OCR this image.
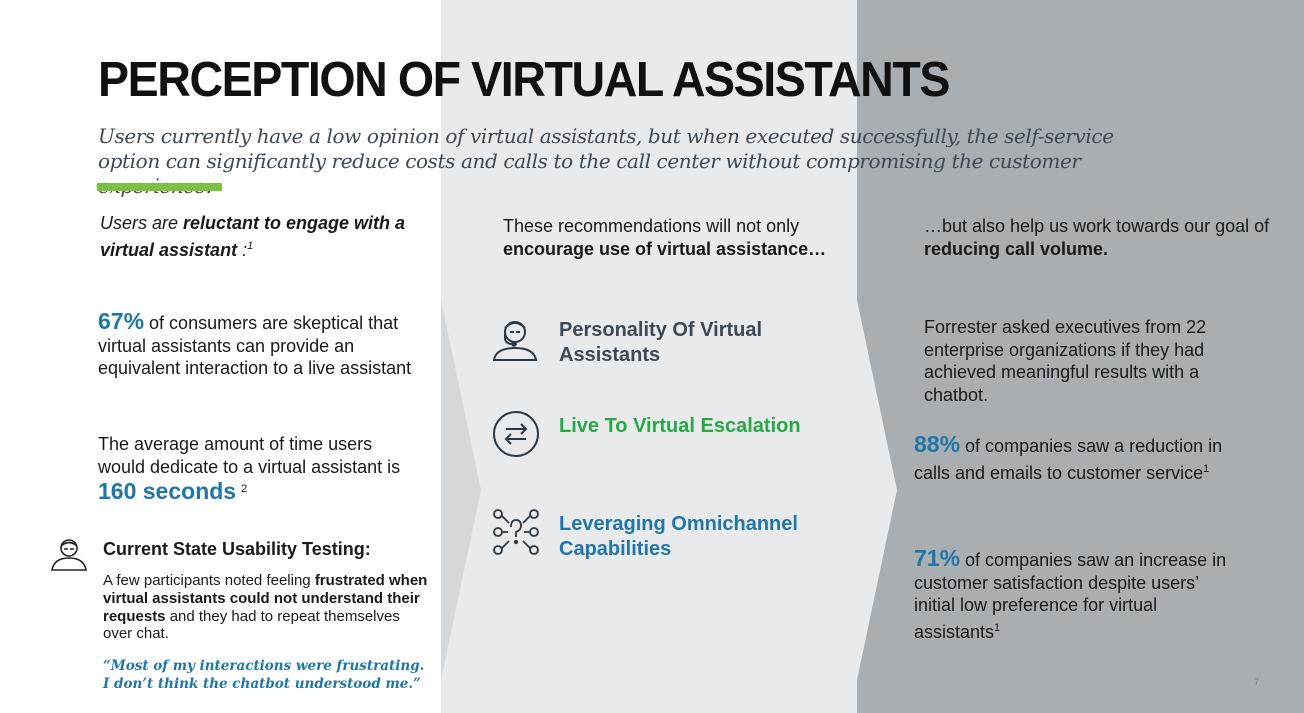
PERCEPTION OF VIRTUAL ASSISTANTS
Users currently have a low opinion of virtual assistants, but when executed successfully, the self-service option can significantly reduce costs and calls to the call center without compromising the customer
Users are reluctant to engage with a virtual assistant :$^1$
67% of consumers are skeptical that virtual assistants can provide an equivalent interaction to a live assistant
The average amount of time users would dedicate to a virtual assistant is 160 seconds $^2$
Current State Usability Testing:
A few participants noted feeling frustrated when virtual assistants could not understand their requests and they had to repeat themselves over chat.
“Most of my interactions were frustrating. I don’t think the chatbot understood me.”
These recommendations will not only encourage use of virtual assistance…
Personality Of Virtual Assistants
Live To Virtual Escalation
Leveraging Omnichannel Capabilities
…but also help us work towards our goal of reducing call volume.
Forrester asked executives from 22 enterprise organizations if they had achieved meaningful results with a chatbot.
88% of companies saw a reduction in calls and emails to customer service$^1$
71% of companies saw an increase in customer satisfaction despite users’ initial low preference for virtual assistants$^1$
7
